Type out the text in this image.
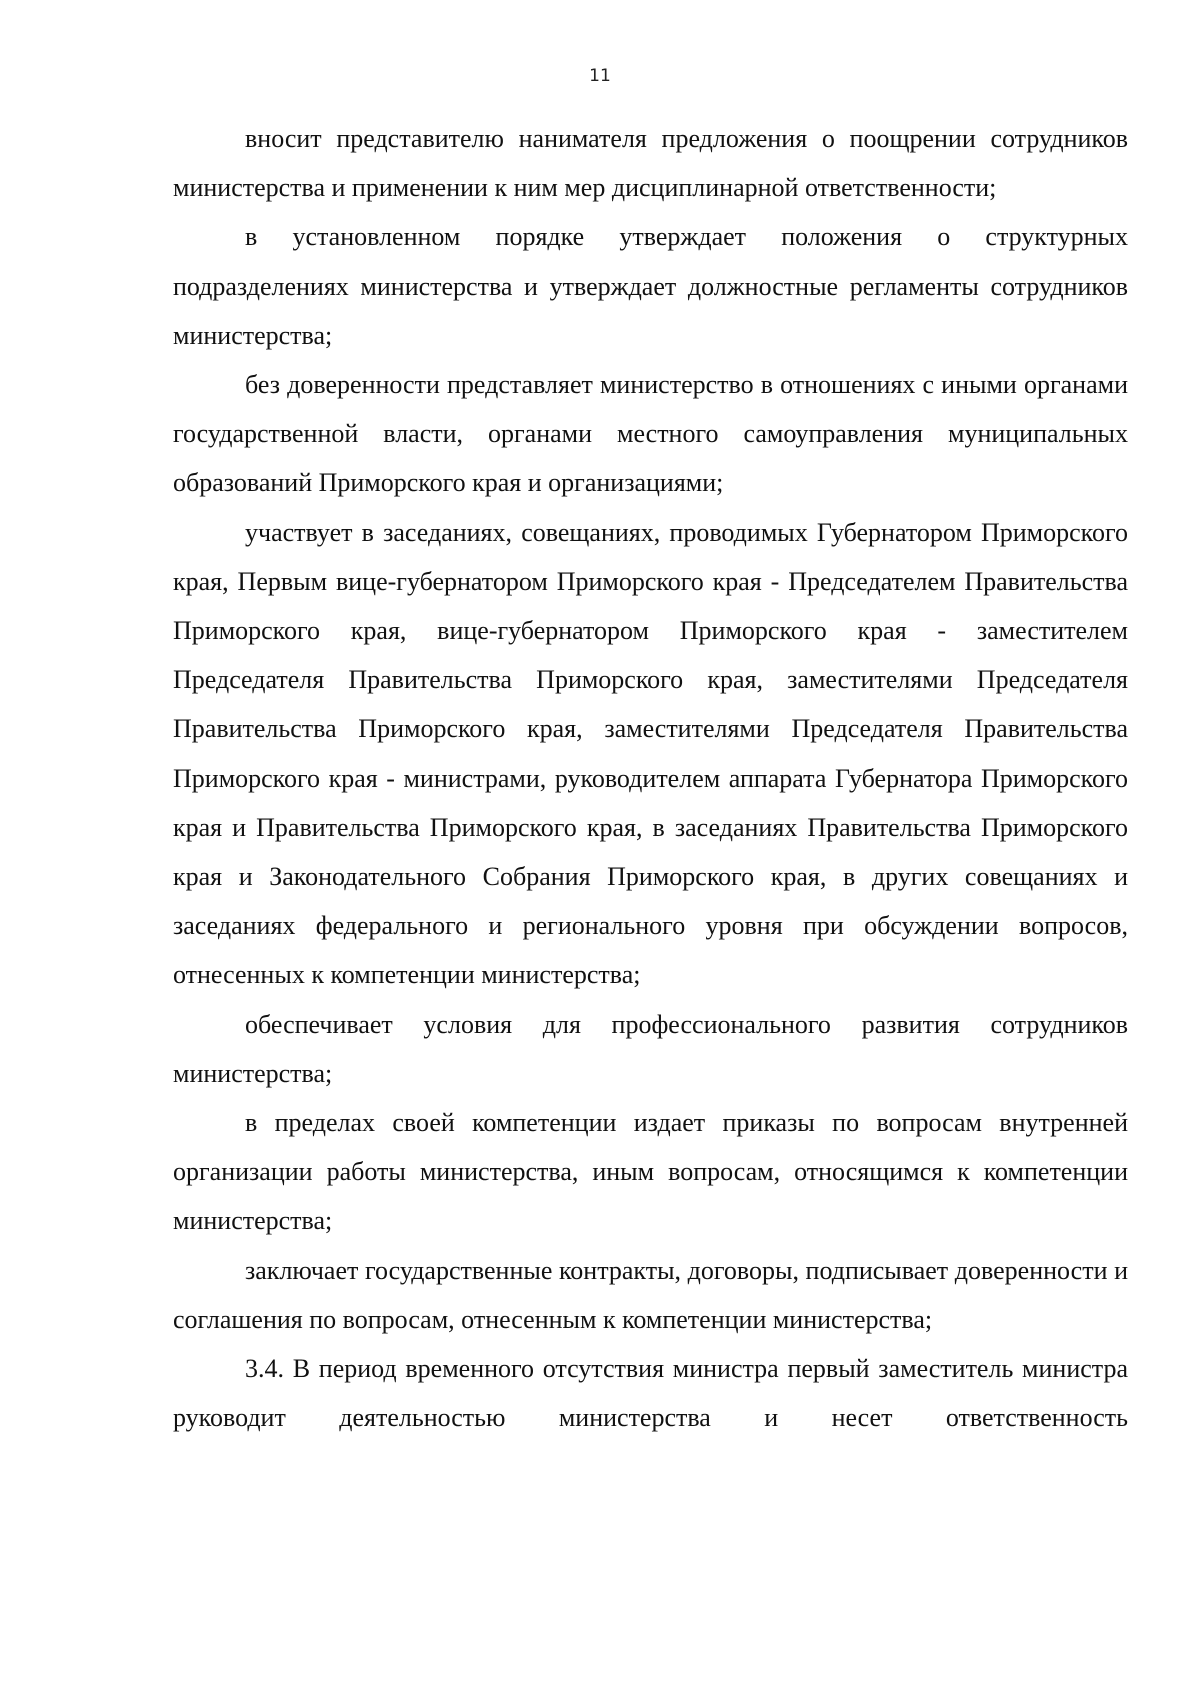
11

вносит представителю нанимателя предложения о поощрении сотрудников министерства и применении к ним мер дисциплинарной ответственности;

в установленном порядке утверждает положения о структурных подразделениях министерства и утверждает должностные регламенты сотрудников министерства;

без доверенности представляет министерство в отношениях с иными органами государственной власти, органами местного самоуправления муниципальных образований Приморского края и организациями;

участвует в заседаниях, совещаниях, проводимых Губернатором Приморского края, Первым вице-губернатором Приморского края - Председателем Правительства Приморского края, вице-губернатором Приморского края - заместителем Председателя Правительства Приморского края, заместителями Председателя Правительства Приморского края, заместителями Председателя Правительства Приморского края - министрами, руководителем аппарата Губернатора Приморского края и Правительства Приморского края, в заседаниях Правительства Приморского края и Законодательного Собрания Приморского края, в других совещаниях и заседаниях федерального и регионального уровня при обсуждении вопросов, отнесенных к компетенции министерства;

обеспечивает условия для профессионального развития сотрудников министерства;

в пределах своей компетенции издает приказы по вопросам внутренней организации работы министерства, иным вопросам, относящимся к компетенции министерства;

заключает государственные контракты, договоры, подписывает доверенности и соглашения по вопросам, отнесенным к компетенции министерства;

3.4. В период временного отсутствия министра первый заместитель министра руководит деятельностью министерства и несет ответственность
